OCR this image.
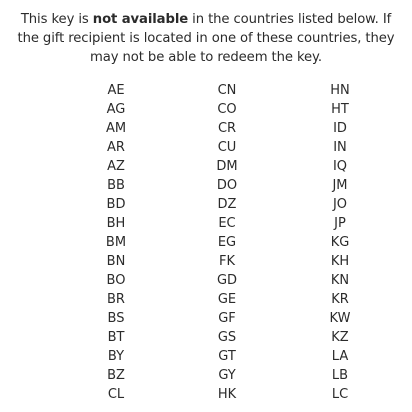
This key is not available in the countries listed below. If the gift recipient is located in one of these countries, they may not be able to redeem the key.
AE
AG
AM
AR
AZ
BB
BD
BH
BM
BN
BO
BR
BS
BT
BY
BZ
CL
CN
CO
CR
CU
DM
DO
DZ
EC
EG
FK
GD
GE
GF
GS
GT
GY
HK
HN
HT
ID
IN
IQ
JM
JO
JP
KG
KH
KN
KR
KW
KZ
LA
LB
LC
